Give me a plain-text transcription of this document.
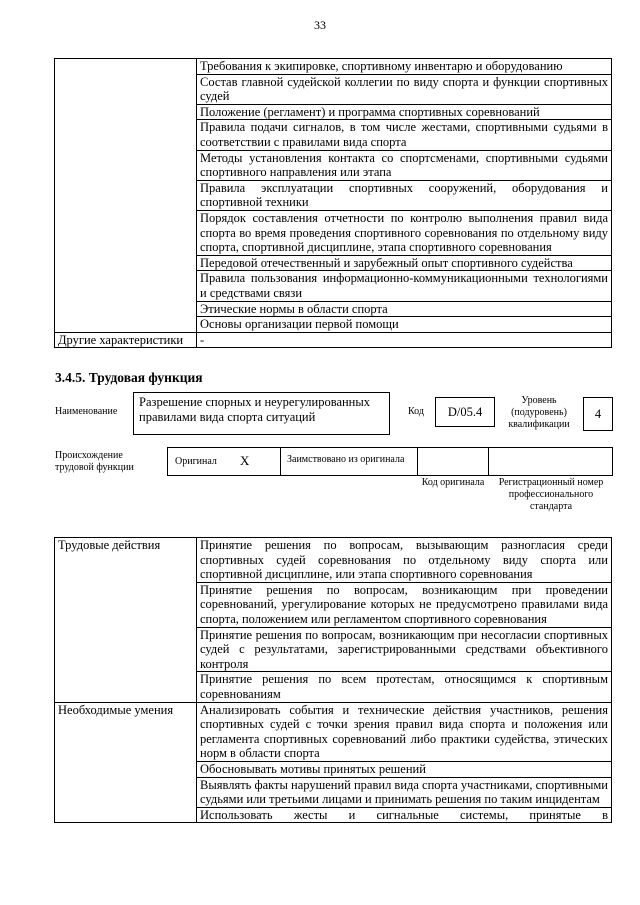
33
	Требования к экипировке, спортивному инвентарю и оборудованию
	Состав главной судейской коллегии по виду спорта и функции спортивных судей
	Положение (регламент) и программа спортивных соревнований
	Правила подачи сигналов, в том числе жестами, спортивными судьями в соответствии с правилами вида спорта
	Методы установления контакта со спортсменами, спортивными судьями спортивного направления или этапа
	Правила эксплуатации спортивных сооружений, оборудования и спортивной техники
	Порядок составления отчетности по контролю выполнения правил вида спорта во время проведения спортивного соревнования по отдельному виду спорта, спортивной дисциплине, этапа спортивного соревнования
	Передовой отечественный и зарубежный опыт спортивного судейства
	Правила пользования информационно-коммуникационными технологиями и средствами связи
	Этические нормы в области спорта
	Основы организации первой помощи
Другие характеристики	-
3.4.5. Трудовая функция
Наименование
Разрешение спорных и неурегулированных правилами вида спорта ситуаций	Код	D/05.4
Уровень (подуровень) квалификации
4
Происхождение трудовой функции
Оригинал X	Заимствовано из оригинала
Код оригинала	Регистрационный номер профессионального стандарта
Трудовые действия	Принятие решения по вопросам, вызывающим разногласия среди спортивных судей соревнования по отдельному виду спорта или спортивной дисциплине, или этапа спортивного соревнования
	Принятие решения по вопросам, возникающим при проведении соревнований, урегулирование которых не предусмотрено правилами вида спорта, положением или регламентом спортивного соревнования
	Принятие решения по вопросам, возникающим при несогласии спортивных судей с результатами, зарегистрированными средствами объективного контроля
	Принятие решения по всем протестам, относящимся к спортивным соревнованиям
Необходимые умения	Анализировать события и технические действия участников, решения спортивных судей с точки зрения правил вида спорта и положения или регламента спортивных соревнований либо практики судейства, этических норм в области спорта
	Обосновывать мотивы принятых решений
	Выявлять факты нарушений правил вида спорта участниками, спортивными судьями или третьими лицами и принимать решения по таким инцидентам
	Использовать жесты и сигнальные системы, принятые в
